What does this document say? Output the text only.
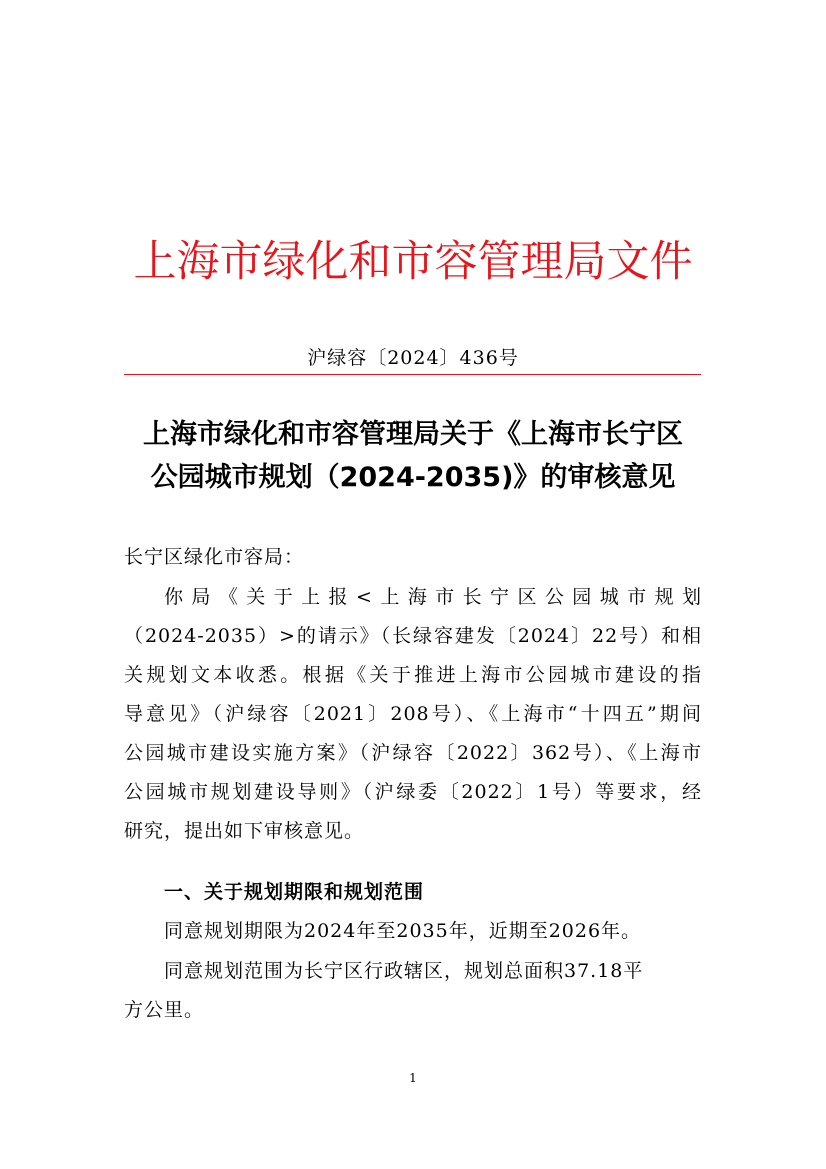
上海市绿化和市容管理局文件
沪绿容〔2024〕436号
上海市绿化和市容管理局关于《上海市长宁区
公园城市规划（2024-2035)》的审核意见
长宁区绿化市容局：
你局《关于上报<上海市长宁区公园城市规划
（2024-2035）>的请示》（长绿容建发〔2024〕22号）和相
关规划文本收悉。根据《关于推进上海市公园城市建设的指
导意见》（沪绿容〔2021〕208号）、《上海市“十四五”期间
公园城市建设实施方案》（沪绿容〔2022〕362号）、《上海市
公园城市规划建设导则》（沪绿委〔2022〕1号）等要求，经
研究，提出如下审核意见。
一、关于规划期限和规划范围
同意规划期限为2024年至2035年，近期至2026年。
同意规划范围为长宁区行政辖区，规划总面积37.18平
方公里。
1
